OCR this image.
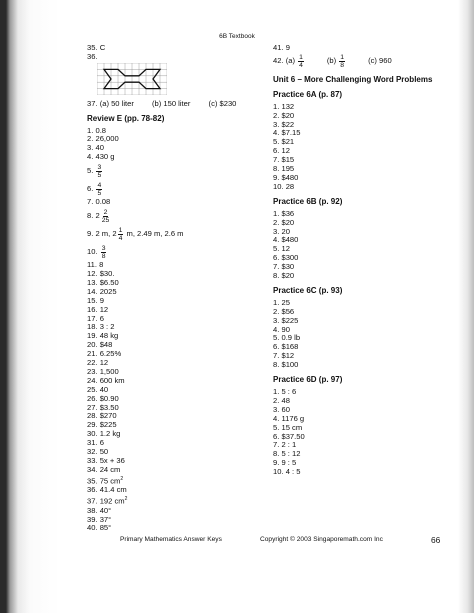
6B Textbook
35. C
36.
37. (a) 50 liter (b) 150 liter (c) $230
Review E (pp. 78-82)
1. 0.8
2. 26,000
3. 40
4. 430 g
5.
$\frac{3}{5}$
6.
$\frac{4}{5}$
7. 0.08
8.
$2 \frac{2}{25}$
9.
2 m,
$2 \frac{1}{4}$
m, 2.49 m, 2.6 m
10.
$\frac{3}{8}$
11. 8
12. $30.
13. $6.50
14. 2025
15. 9
16. 12
17. 6
18. 3 : 2
19. 48 kg
20. $48
21. 6.25%
22. 12
23. 1,500
24. 600 km
25. 40
26. $0.90
27. $3.50
28. $270
29. $225
30. 1.2 kg
31. 6
32. 50
33. 5x + 36
34. 24 cm
35. 75 $cm^2$
36. 41.4 cm
37. 192 $cm^2$
38. 40°
39. 37°
40. 85°
41. 9
42.
(a)
$\frac{1}{4}$	(b)
$\frac{1}{8}$	(c)
960
Unit 6 – More Challenging Word Problems
Practice 6A (p. 87)
1. 132
2. $20
3. $22
4. $7.15
5. $21
6. 12
7. $15
8. 195
9. $480
10. 28
Practice 6B (p. 92)
1. $36
2. $20
3. 20
4. $480
5. 12
6. $300
7. $30
8. $20
Practice 6C (p. 93)
1. 25
2. $56
3. $225
4. 90
5. 0.9 lb
6. $168
7. $12
8. $100
Practice 6D (p. 97)
1. 5 : 6
2. 48
3. 60
4. 1176 g
5. 15 cm
6. $37.50
7. 2 : 1
8. 5 : 12
9. 9 : 5
10. 4 : 5
Primary Mathematics Answer Keys	Copyright © 2003 Singaporemath.com Inc	66
